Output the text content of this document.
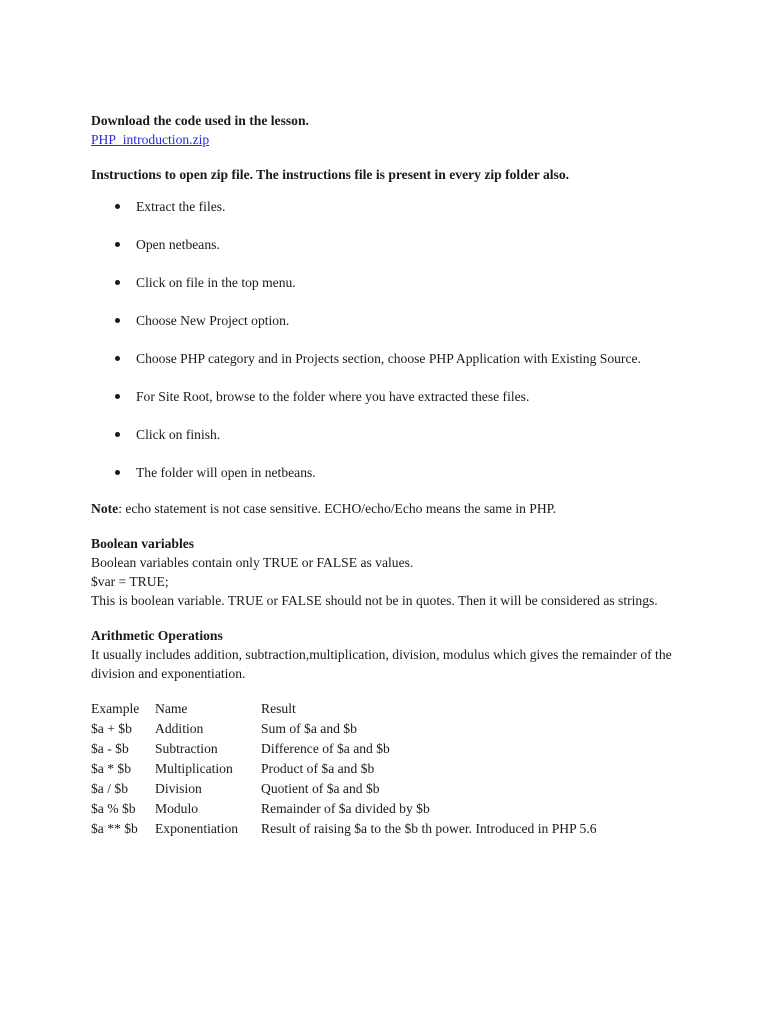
Download the code used in the lesson.

PHP_introduction.zip

Instructions to open zip file. The instructions file is present in every zip folder also.

Extract the files.
Open netbeans.
Click on file in the top menu.
Choose New Project option.
Choose PHP category and in Projects section, choose PHP Application with Existing Source.
For Site Root, browse to the folder where you have extracted these files.
Click on finish.
The folder will open in netbeans.

Note: echo statement is not case sensitive. ECHO/echo/Echo means the same in PHP.

Boolean variables

Boolean variables contain only TRUE or FALSE as values.

$var = TRUE;

This is boolean variable. TRUE or FALSE should not be in quotes. Then it will be considered as strings.

Arithmetic Operations

It usually includes addition, subtraction,multiplication, division, modulus which gives the remainder of the division and exponentiation.

Example	Name	Result
$a + $b	Addition	Sum of $a and $b
$a - $b	Subtraction	Difference of $a and $b
$a * $b	Multiplication	Product of $a and $b
$a / $b	Division	Quotient of $a and $b
$a % $b	Modulo	Remainder of $a divided by $b
$a ** $b	Exponentiation	Result of raising $a to the $b th power. Introduced in PHP 5.6
